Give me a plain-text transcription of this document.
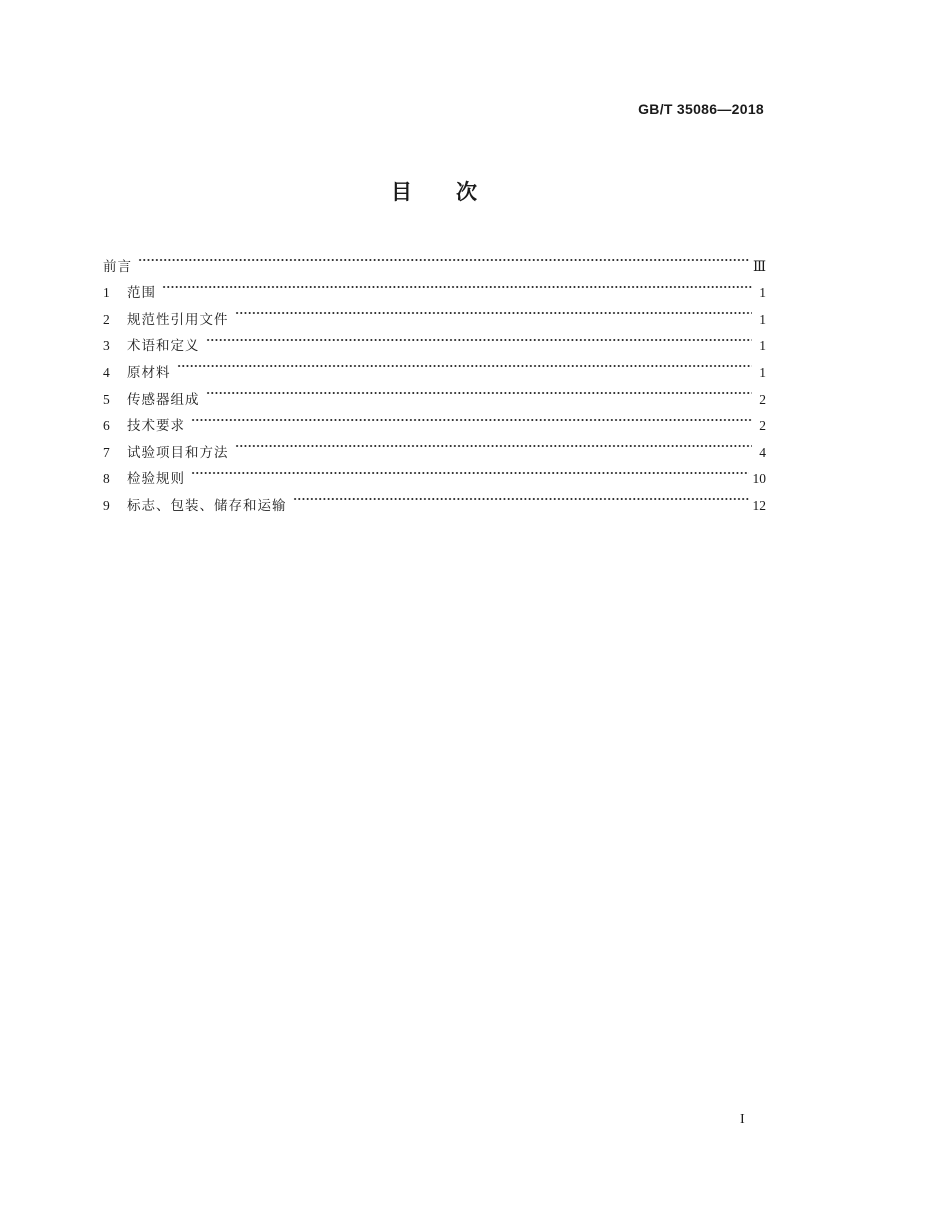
GB/T 35086—2018
目次
前言	Ⅲ
1	范围	1
2	规范性引用文件	1
3	术语和定义	1
4	原材料	1
5	传感器组成	2
6	技术要求	2
7	试验项目和方法	4
8	检验规则	10
9	标志、包装、储存和运输	12
I
